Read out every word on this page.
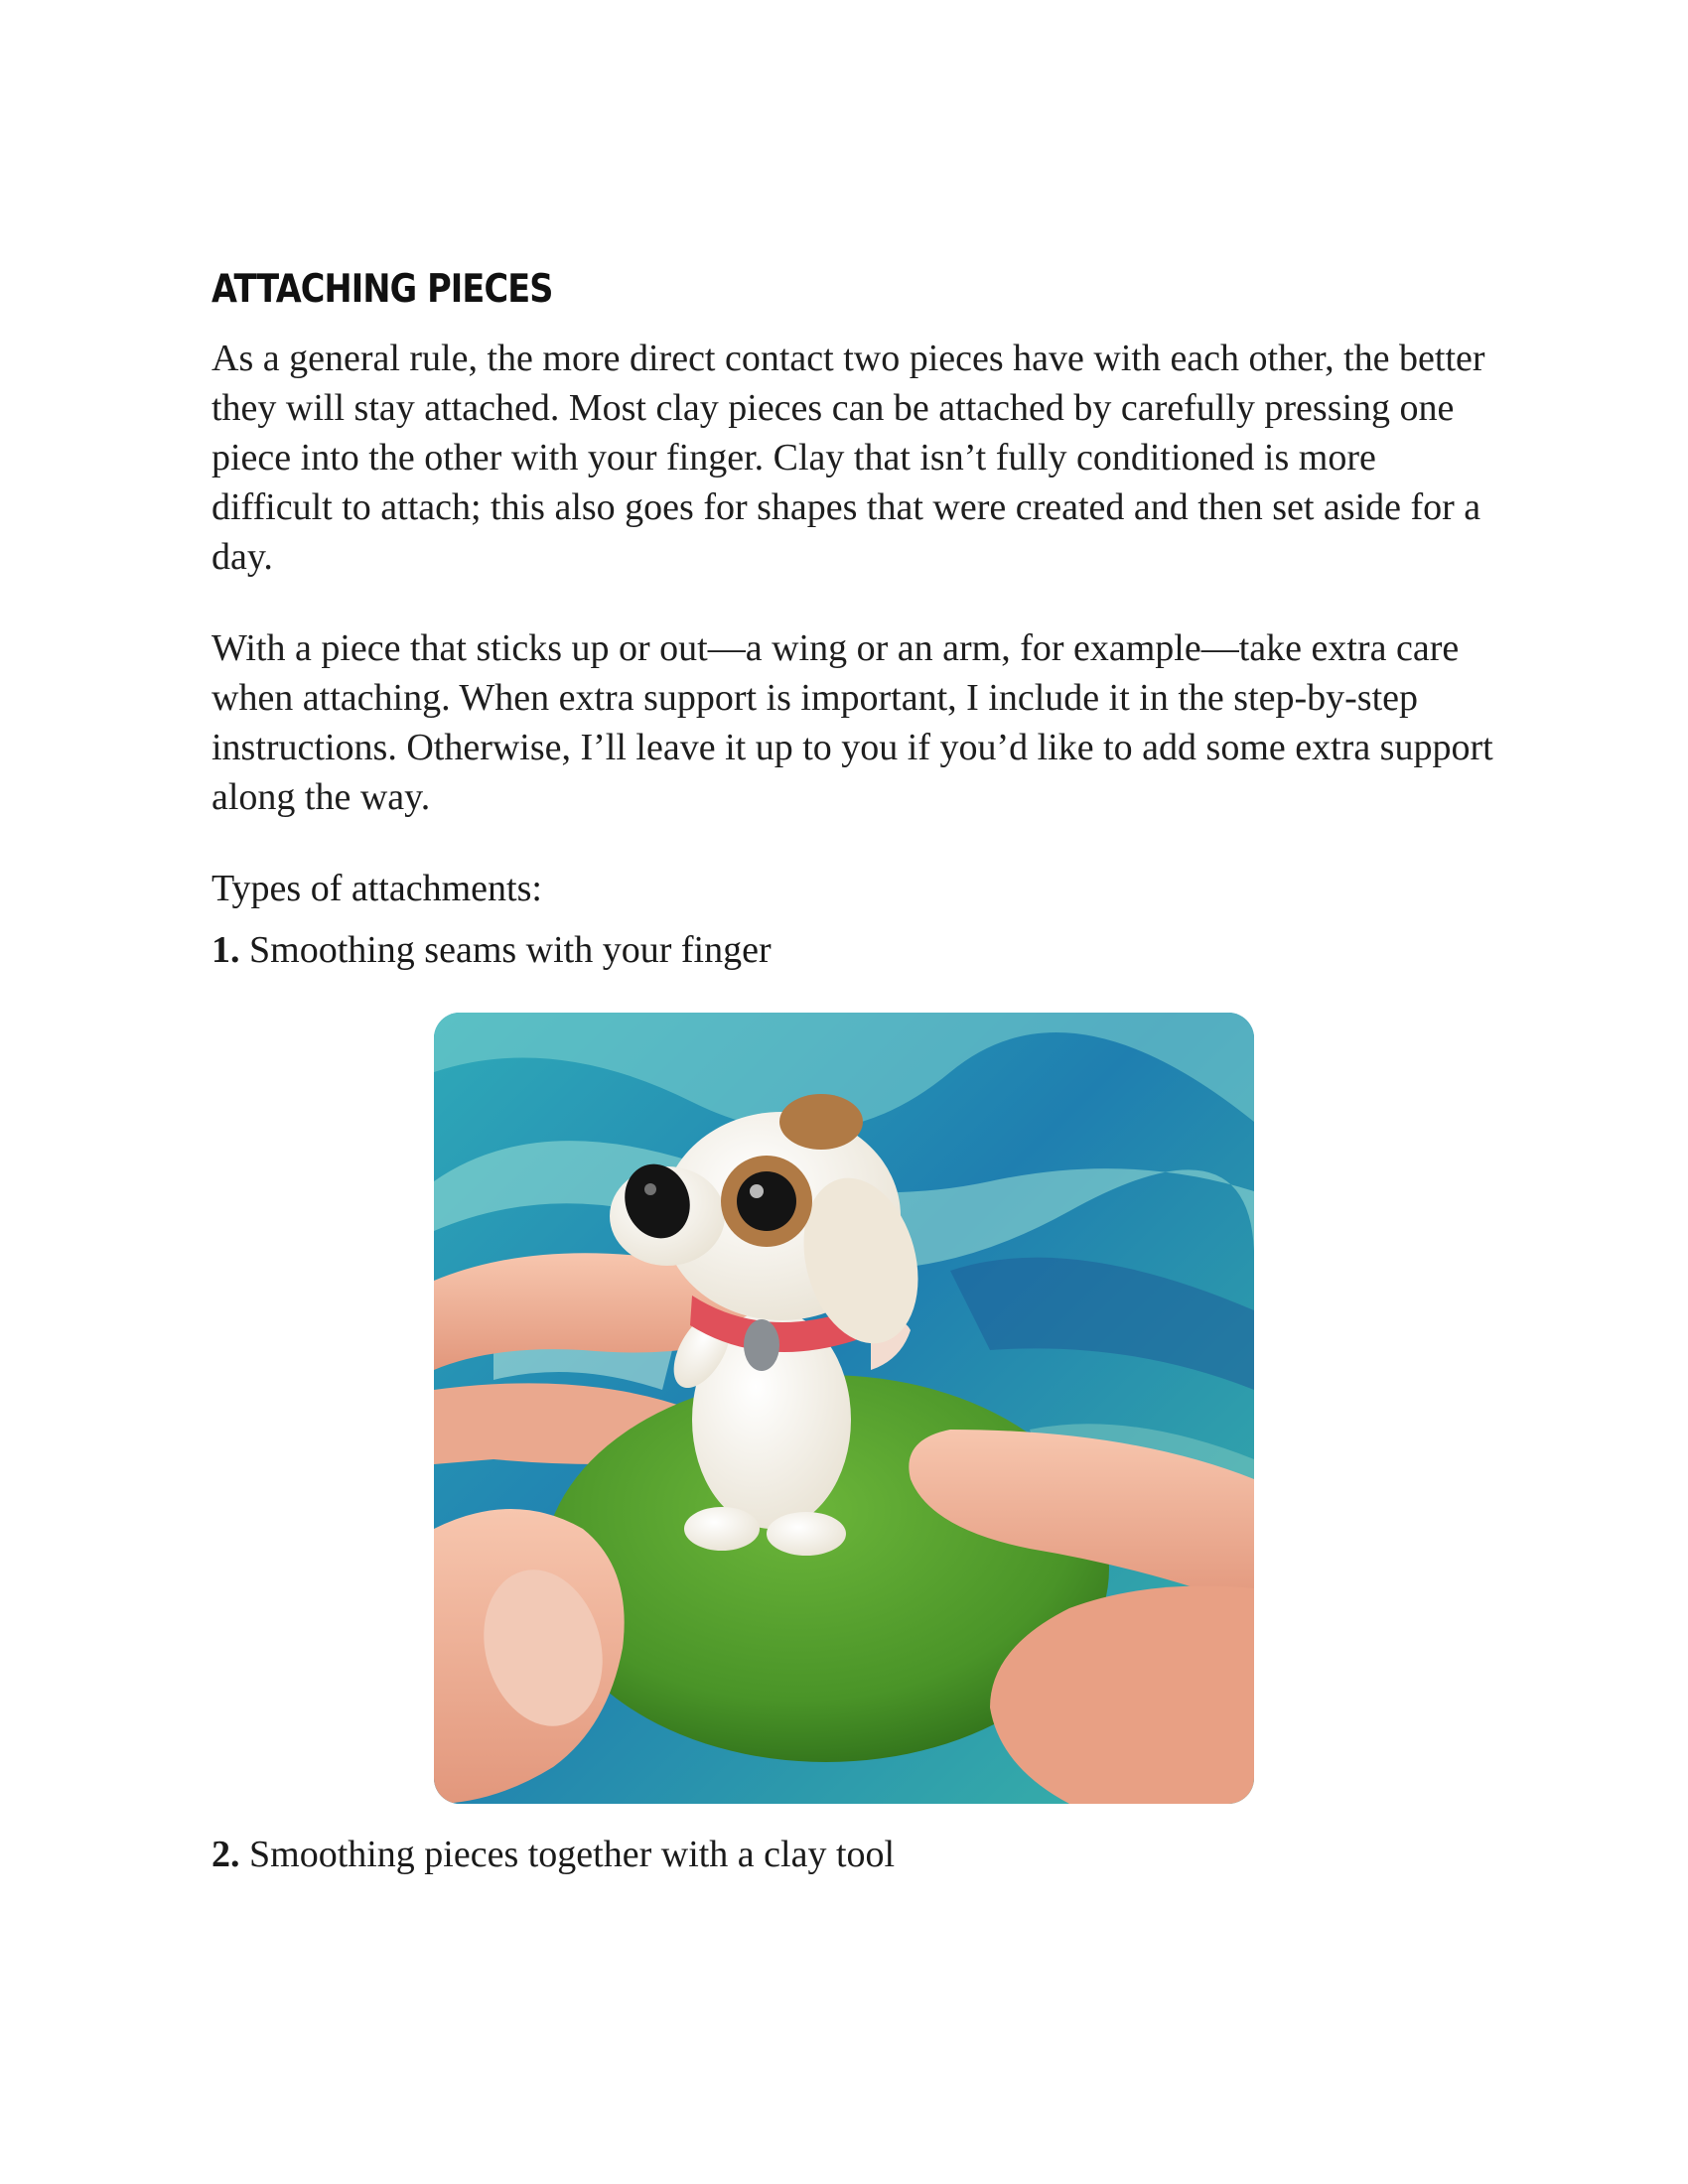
ATTACHING PIECES

As a general rule, the more direct contact two pieces have with each other, the better they will stay attached. Most clay pieces can be attached by carefully pressing one piece into the other with your finger. Clay that isn’t fully conditioned is more difficult to attach; this also goes for shapes that were created and then set aside for a day.

With a piece that sticks up or out—a wing or an arm, for example—take extra care when attaching. When extra support is important, I include it in the step-by-step instructions. Otherwise, I’ll leave it up to you if you’d like to add some extra support along the way.

Types of attachments:

1. Smoothing seams with your finger

2. Smoothing pieces together with a clay tool
